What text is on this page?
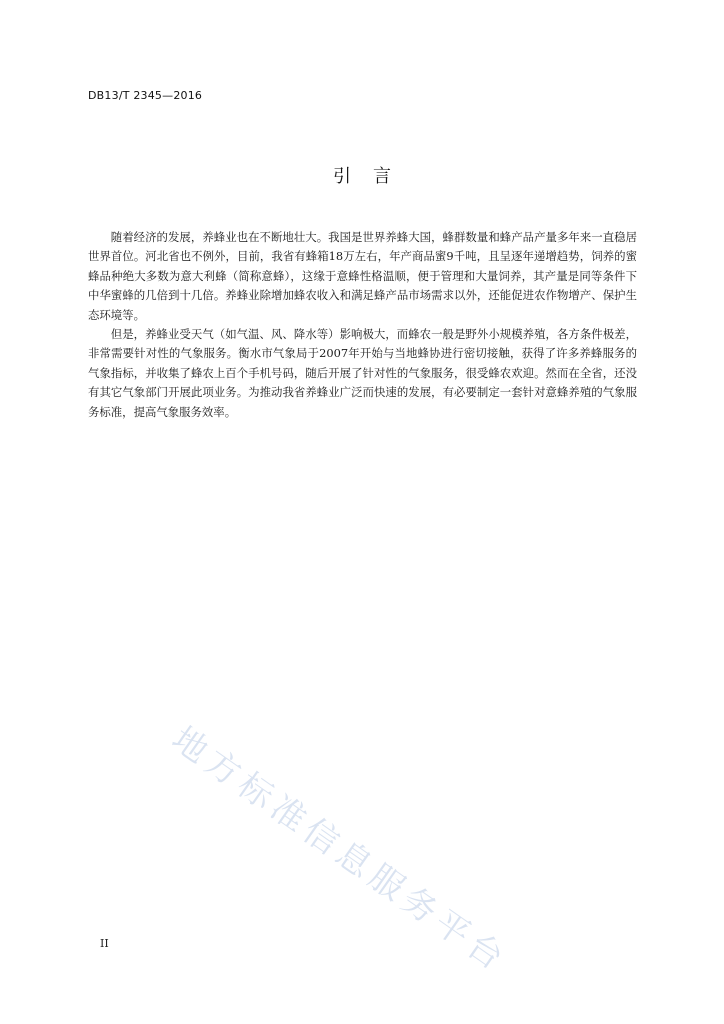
DB13/T 2345—2016
引言

随着经济的发展，养蜂业也在不断地壮大。我国是世界养蜂大国，蜂群数量和蜂产品产量多年来一直稳居世界首位。河北省也不例外，目前，我省有蜂箱18万左右，年产商品蜜9千吨，且呈逐年递增趋势，饲养的蜜蜂品种绝大多数为意大利蜂（简称意蜂），这缘于意蜂性格温顺，便于管理和大量饲养，其产量是同等条件下中华蜜蜂的几倍到十几倍。养蜂业除增加蜂农收入和满足蜂产品市场需求以外，还能促进农作物增产、保护生态环境等。

但是，养蜂业受天气（如气温、风、降水等）影响极大，而蜂农一般是野外小规模养殖，各方条件极差，非常需要针对性的气象服务。衡水市气象局于2007年开始与当地蜂协进行密切接触，获得了许多养蜂服务的气象指标，并收集了蜂农上百个手机号码，随后开展了针对性的气象服务，很受蜂农欢迎。然而在全省，还没有其它气象部门开展此项业务。为推动我省养蜂业广泛而快速的发展，有必要制定一套针对意蜂养殖的气象服务标准，提高气象服务效率。

地方标准信息服务平台
II
